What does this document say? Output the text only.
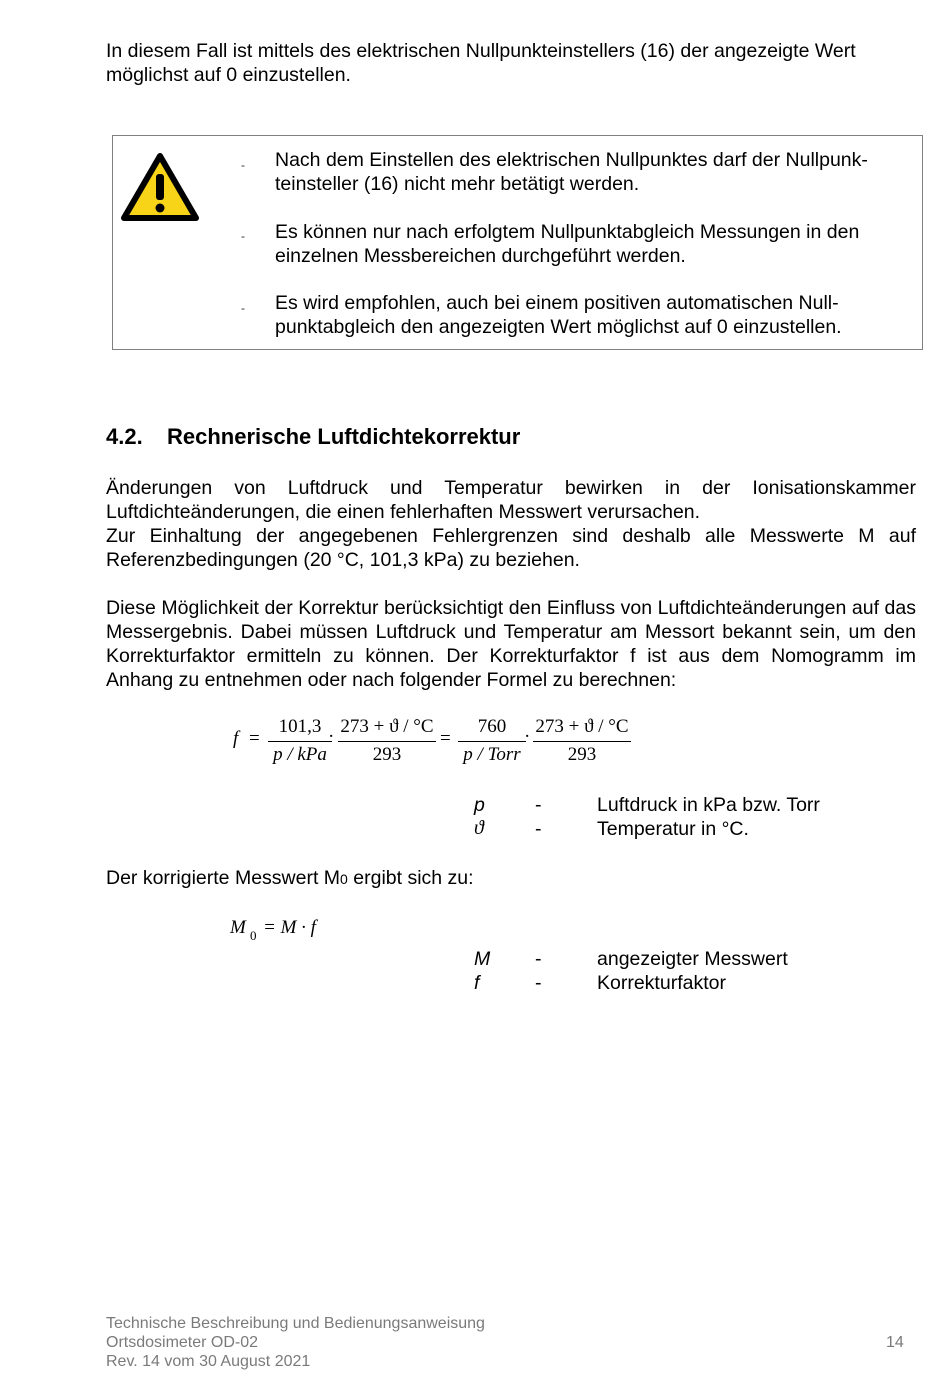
In diesem Fall ist mittels des elektrischen Nullpunkteinstellers (16) der angezeigte Wert möglichst auf 0 einzustellen.
- Nach dem Einstellen des elektrischen Nullpunktes darf der Nullpunk-
teinsteller (16) nicht mehr betätigt werden.
- Es können nur nach erfolgtem Nullpunktabgleich Messungen in den
einzelnen Messbereichen durchgeführt werden.
- Es wird empfohlen, auch bei einem positiven automatischen Null-
punktabgleich den angezeigten Wert möglichst auf 0 einzustellen.
4.2. Rechnerische Luftdichtekorrektur
Änderungen von Luftdruck und Temperatur bewirken in der Ionisationskammer Luftdichteänderungen, die einen fehlerhaften Messwert verursachen.
Zur Einhaltung der angegebenen Fehlergrenzen sind deshalb alle Messwerte M auf Referenzbedingungen (20 °C, 101,3 kPa) zu beziehen.
Diese Möglichkeit der Korrektur berücksichtigt den Einfluss von Luftdichteänderungen auf das Messergebnis. Dabei müssen Luftdruck und Temperatur am Messort bekannt sein, um den Korrekturfaktor ermitteln zu können. Der Korrekturfaktor f ist aus dem Nomogramm im Anhang zu entnehmen oder nach folgender Formel zu berechnen:
f =
101,3
p / kPa
· 273 + ϑ / °C
293
=
760
p / Torr
· 273 + ϑ / °C
293
p	-	Luftdruck in kPa bzw. Torr
ϑ	-	Temperatur in °C.
Der korrigierte Messwert M0 ergibt sich zu:
M 0 = M · f
M -	angezeigter Messwert
f	-	Korrekturfaktor
Technische Beschreibung und Bedienungsanweisung
Ortsdosimeter OD-02
Rev. 14 vom 30 August 2021
14
